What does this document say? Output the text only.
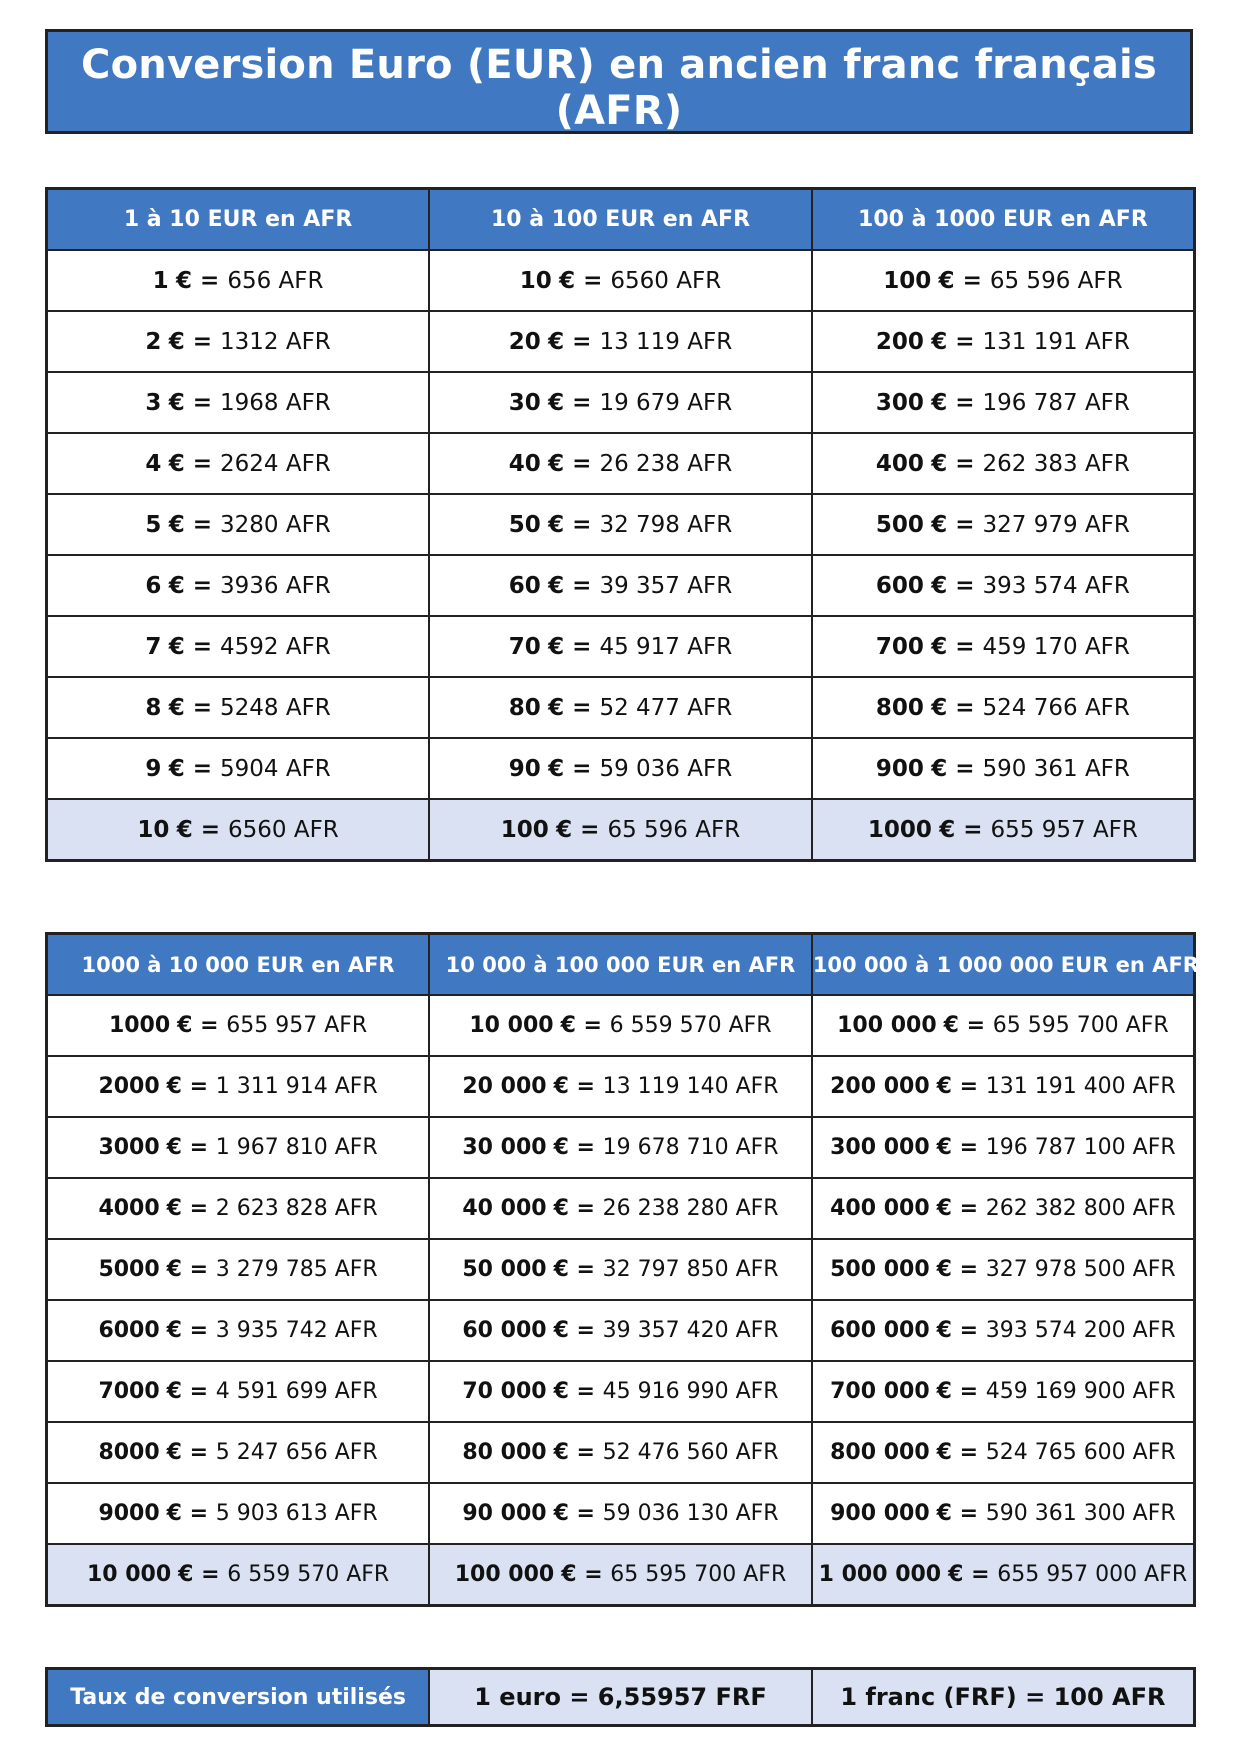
Conversion Euro (EUR) en ancien franc français (AFR)
www.franc-euro.fr
1 à 10 EUR en AFR	10 à 100 EUR en AFR	100 à 1000 EUR en AFR
1 € = 656 AFR	10 € = 6560 AFR	100 € = 65 596 AFR
2 € = 1312 AFR	20 € = 13 119 AFR	200 € = 131 191 AFR
3 € = 1968 AFR	30 € = 19 679 AFR	300 € = 196 787 AFR
4 € = 2624 AFR	40 € = 26 238 AFR	400 € = 262 383 AFR
5 € = 3280 AFR	50 € = 32 798 AFR	500 € = 327 979 AFR
6 € = 3936 AFR	60 € = 39 357 AFR	600 € = 393 574 AFR
7 € = 4592 AFR	70 € = 45 917 AFR	700 € = 459 170 AFR
8 € = 5248 AFR	80 € = 52 477 AFR	800 € = 524 766 AFR
9 € = 5904 AFR	90 € = 59 036 AFR	900 € = 590 361 AFR
10 € = 6560 AFR	100 € = 65 596 AFR	1000 € = 655 957 AFR
1000 à 10 000 EUR en AFR	10 000 à 100 000 EUR en AFR	100 000 à 1 000 000 EUR en AFR
1000 € = 655 957 AFR	10 000 € = 6 559 570 AFR	100 000 € = 65 595 700 AFR
2000 € = 1 311 914 AFR	20 000 € = 13 119 140 AFR	200 000 € = 131 191 400 AFR
3000 € = 1 967 810 AFR	30 000 € = 19 678 710 AFR	300 000 € = 196 787 100 AFR
4000 € = 2 623 828 AFR	40 000 € = 26 238 280 AFR	400 000 € = 262 382 800 AFR
5000 € = 3 279 785 AFR	50 000 € = 32 797 850 AFR	500 000 € = 327 978 500 AFR
6000 € = 3 935 742 AFR	60 000 € = 39 357 420 AFR	600 000 € = 393 574 200 AFR
7000 € = 4 591 699 AFR	70 000 € = 45 916 990 AFR	700 000 € = 459 169 900 AFR
8000 € = 5 247 656 AFR	80 000 € = 52 476 560 AFR	800 000 € = 524 765 600 AFR
9000 € = 5 903 613 AFR	90 000 € = 59 036 130 AFR	900 000 € = 590 361 300 AFR
10 000 € = 6 559 570 AFR	100 000 € = 65 595 700 AFR	1 000 000 € = 655 957 000 AFR
Taux de conversion utilisés	1 euro = 6,55957 FRF	1 franc (FRF) = 100 AFR
